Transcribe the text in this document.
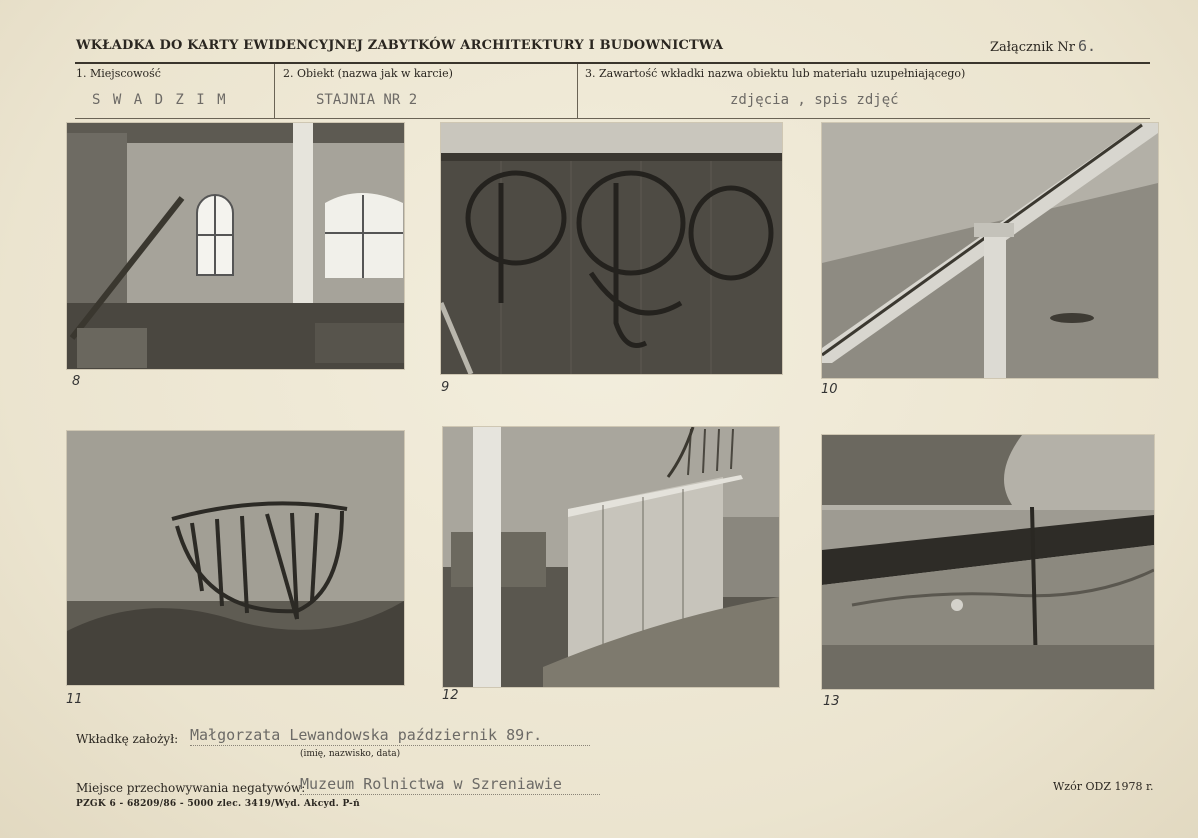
WKŁADKA DO KARTY EWIDENCYJNEJ ZABYTKÓW ARCHITEKTURY I BUDOWNICTWA	Załącznik Nr 6.
1. Miejscowość	2. Obiekt (nazwa jak w karcie)	3. Zawartość wkładki nazwa obiektu lub materiału uzupełniającego)
S W A D Z I M	STAJNIA NR 2	zdjęcia , spis zdjęć
8	9	10
11	12	13
Wkładkę założył: Małgorzata Lewandowska październik 89r.
(imię, nazwisko, data)
Miejsce przechowywania negatywów:
Muzeum Rolnictwa w Szreniawie	Wzór ODZ 1978 r.
PZGK 6 - 68209/86 - 5000 zlec. 3419/Wyd. Akcyd. P-ń
